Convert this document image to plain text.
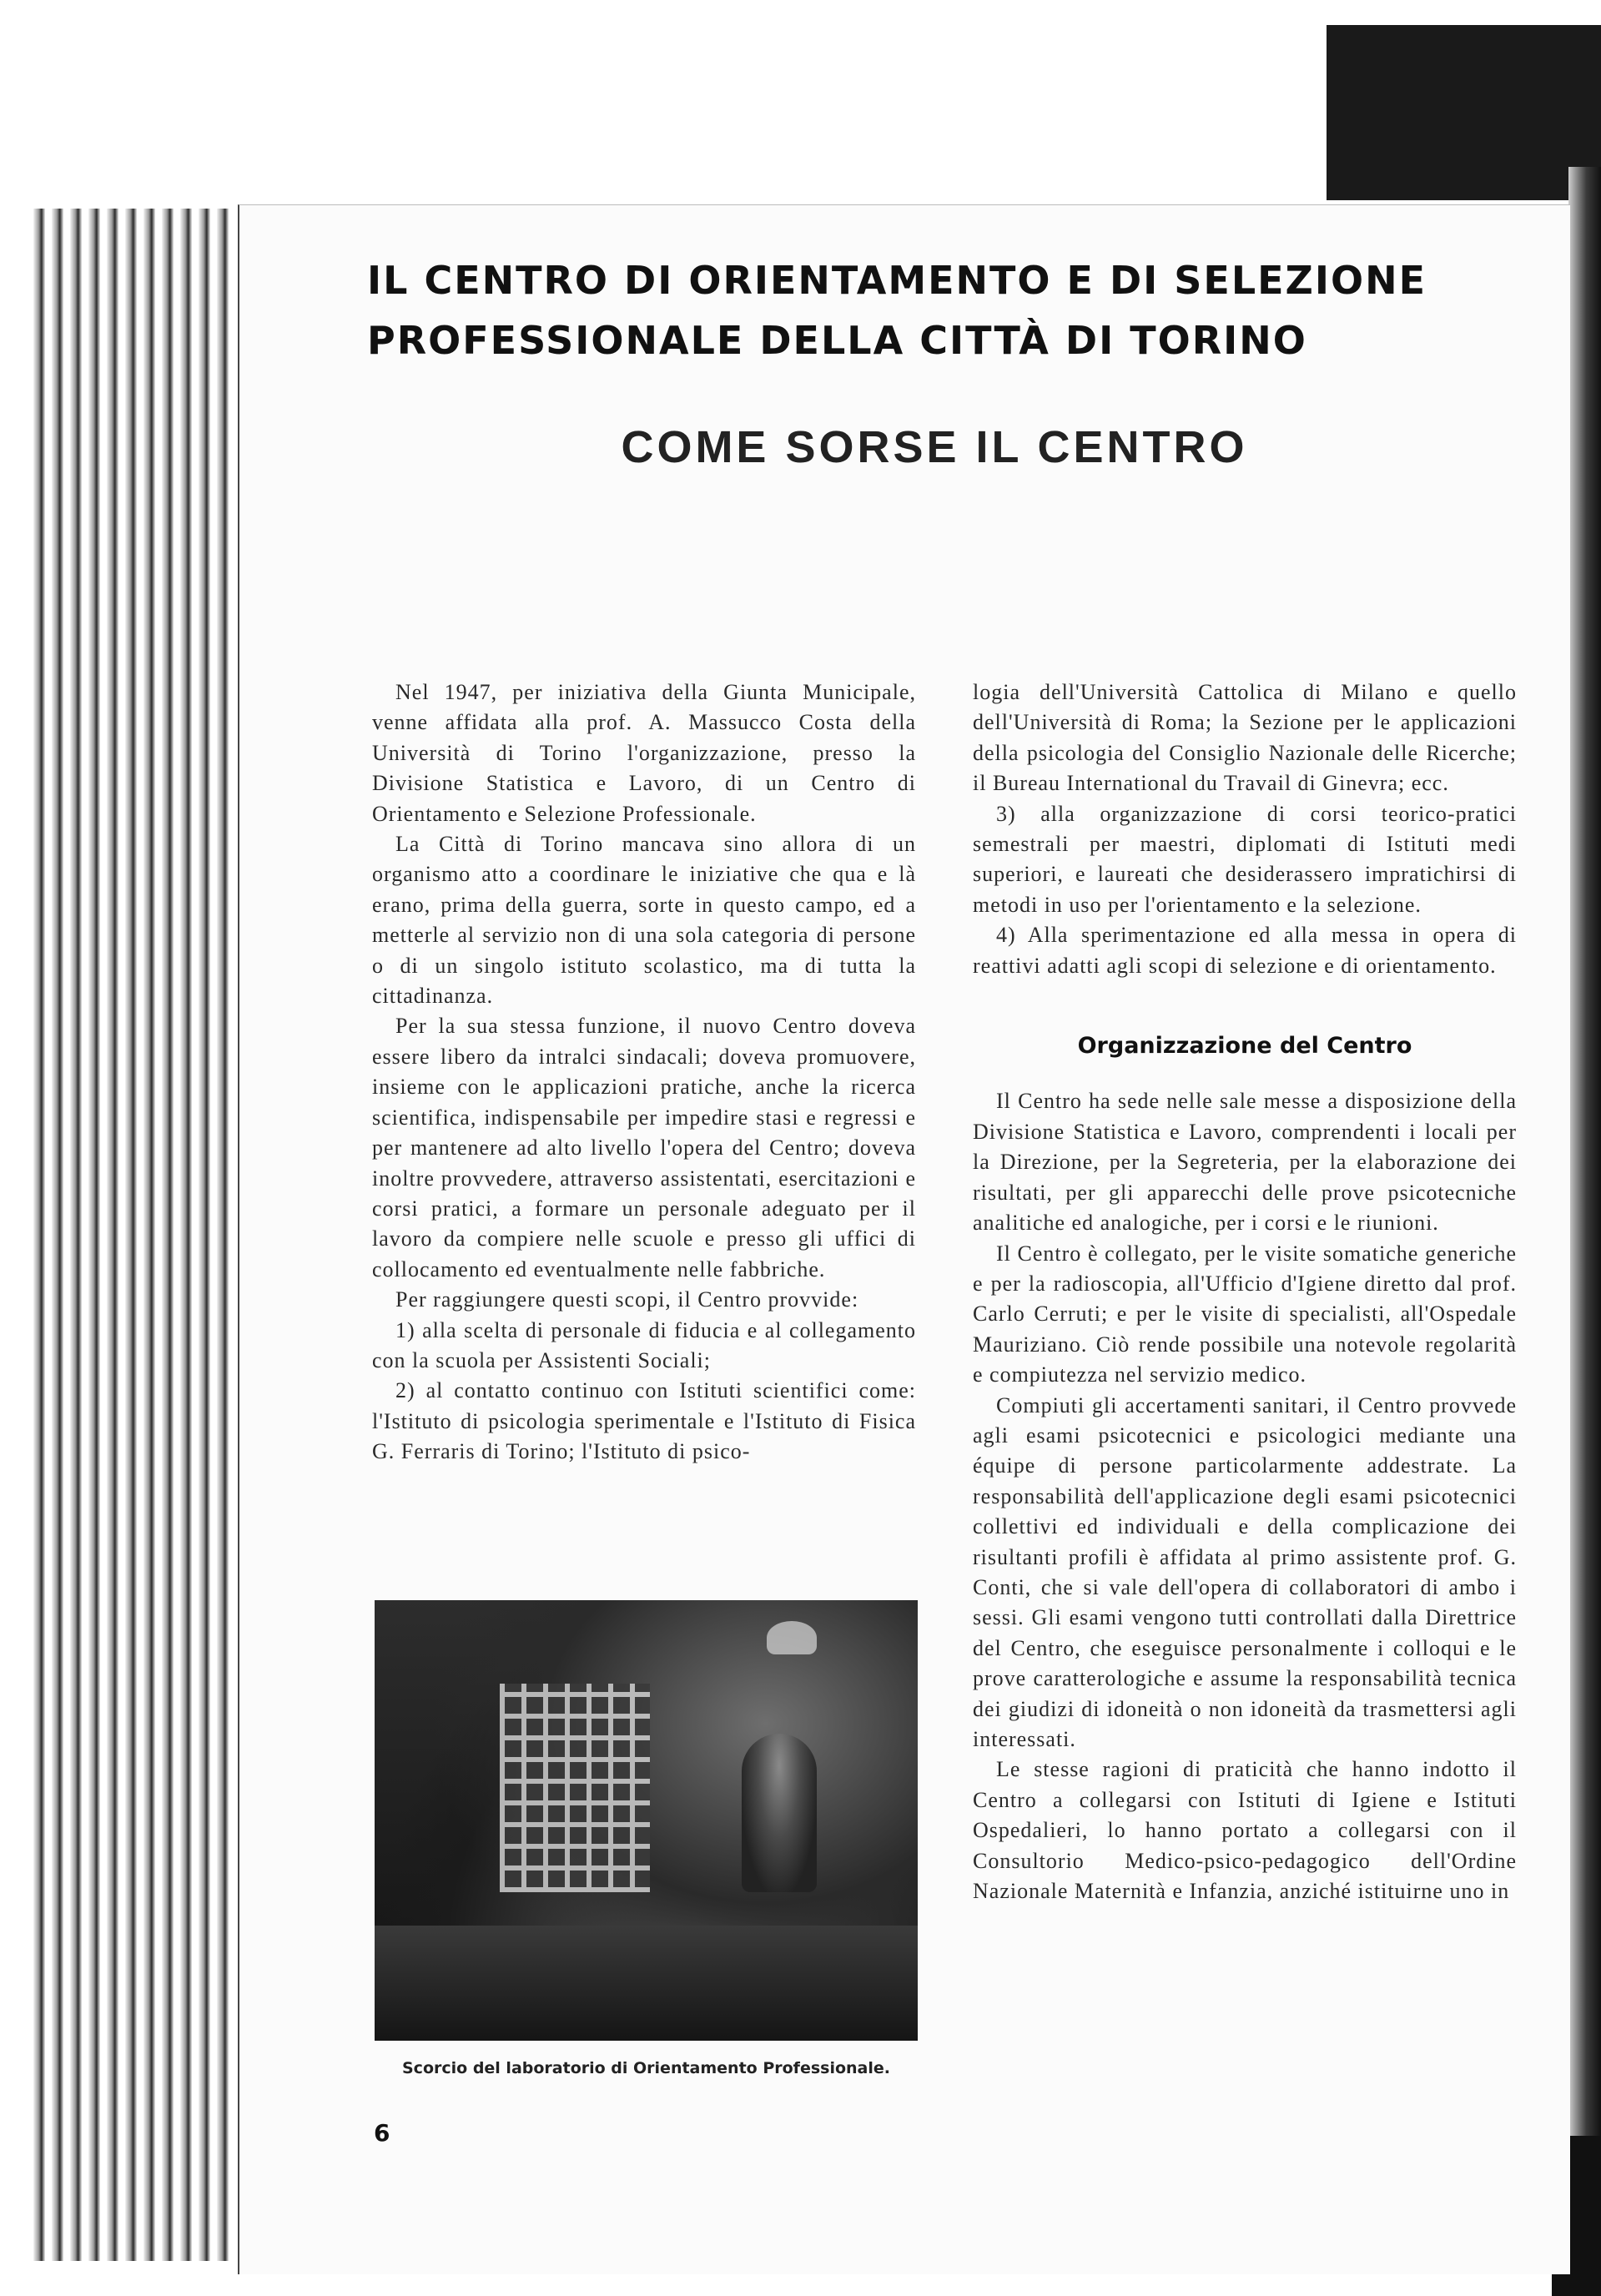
IL CENTRO DI ORIENTAMENTO E DI SELEZIONE
PROFESSIONALE DELLA CITTÀ DI TORINO
COME SORSE IL CENTRO

Nel 1947, per iniziativa della Giunta Municipale, venne affidata alla prof. A. Massucco Costa della Università di Torino l'organizzazione, presso la Divisione Statistica e Lavoro, di un Centro di Orientamento e Selezione Professionale.

La Città di Torino mancava sino allora di un organismo atto a coordinare le iniziative che qua e là erano, prima della guerra, sorte in questo campo, ed a metterle al servizio non di una sola categoria di persone o di un singolo istituto scolastico, ma di tutta la cittadinanza.

Per la sua stessa funzione, il nuovo Centro doveva essere libero da intralci sindacali; doveva promuovere, insieme con le applicazioni pratiche, anche la ricerca scientifica, indispensabile per impedire stasi e regressi e per mantenere ad alto livello l'opera del Centro; doveva inoltre provvedere, attraverso assistentati, esercitazioni e corsi pratici, a formare un personale adeguato per il lavoro da compiere nelle scuole e presso gli uffici di collocamento ed eventualmente nelle fabbriche.

Per raggiungere questi scopi, il Centro provvide:

1) alla scelta di personale di fiducia e al collegamento con la scuola per Assistenti Sociali;

2) al contatto continuo con Istituti scientifici come: l'Istituto di psicologia sperimentale e l'Istituto di Fisica G. Ferraris di Torino; l'Istituto di psico-

Scorcio del laboratorio di Orientamento Professionale.

logia dell'Università Cattolica di Milano e quello dell'Università di Roma; la Sezione per le applicazioni della psicologia del Consiglio Nazionale delle Ricerche; il Bureau International du Travail di Ginevra; ecc.

3) alla organizzazione di corsi teorico-pratici semestrali per maestri, diplomati di Istituti medi superiori, e laureati che desiderassero impratichirsi di metodi in uso per l'orientamento e la selezione.

4) Alla sperimentazione ed alla messa in opera di reattivi adatti agli scopi di selezione e di orientamento.

Organizzazione del Centro

Il Centro ha sede nelle sale messe a disposizione della Divisione Statistica e Lavoro, comprendenti i locali per la Direzione, per la Segreteria, per la elaborazione dei risultati, per gli apparecchi delle prove psicotecniche analitiche ed analogiche, per i corsi e le riunioni.

Il Centro è collegato, per le visite somatiche generiche e per la radioscopia, all'Ufficio d'Igiene diretto dal prof. Carlo Cerruti; e per le visite di specialisti, all'Ospedale Mauriziano. Ciò rende possibile una notevole regolarità e compiutezza nel servizio medico.

Compiuti gli accertamenti sanitari, il Centro provvede agli esami psicotecnici e psicologici mediante una équipe di persone particolarmente addestrate. La responsabilità dell'applicazione degli esami psicotecnici collettivi ed individuali e della complicazione dei risultanti profili è affidata al primo assistente prof. G. Conti, che si vale dell'opera di collaboratori di ambo i sessi. Gli esami vengono tutti controllati dalla Direttrice del Centro, che eseguisce personalmente i colloqui e le prove caratterologiche e assume la responsabilità tecnica dei giudizi di idoneità o non idoneità da trasmettersi agli interessati.

Le stesse ragioni di praticità che hanno indotto il Centro a collegarsi con Istituti di Igiene e Istituti Ospedalieri, lo hanno portato a collegarsi con il Consultorio Medico-psico-pedagogico dell'Ordine Nazionale Maternità e Infanzia, anziché istituirne uno in

6
